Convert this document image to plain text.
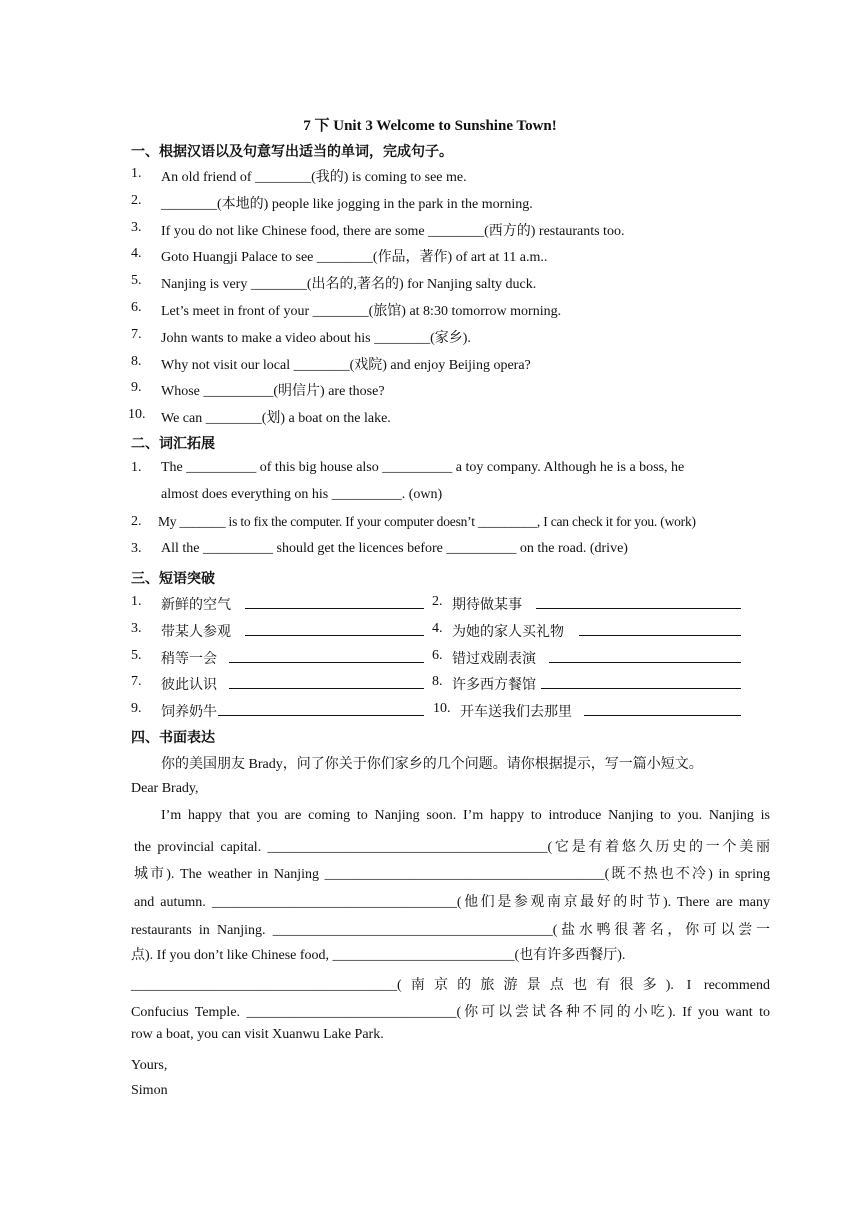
7 下 Unit 3 Welcome to Sunshine Town!
一、根据汉语以及句意写出适当的单词，完成句子。
1. An old friend of ________(我的) is coming to see me.
2. ________(本地的) people like jogging in the park in the morning.
3. If you do not like Chinese food, there are some ________(西方的) restaurants too.
4. Goto Huangji Palace to see ________(作品，著作) of art at 11 a.m..
5. Nanjing is very ________(出名的,著名的) for Nanjing salty duck.
6. Let’s meet in front of your ________(旅馆) at 8:30 tomorrow morning.
7. John wants to make a video about his ________(家乡).
8. Why not visit our local ________(戏院) and enjoy Beijing opera?
9. Whose __________(明信片) are those?
10. We can ________(划) a boat on the lake.
二、词汇拓展
1. The __________ of this big house also __________ a toy company. Although he is a boss, he
almost does everything on his __________. (own)
2. My _______ is to fix the computer. If your computer doesn’t _________, I can check it for you. (work)
3. All the __________ should get the licences before __________ on the road. (drive)
三、短语突破
1. 新鲜的空气	2. 期待做某事
3. 带某人参观	4. 为她的家人买礼物
5. 稍等一会	6. 错过戏剧表演
7. 彼此认识	8. 许多西方餐馆
9. 饲养奶牛	10. 开车送我们去那里
四、书面表达
你的美国朋友 Brady，问了你关于你们家乡的几个问题。请你根据提示，写一篇小短文。
Dear Brady,
I’m happy that you are coming to Nanjing soon. I’m happy to introduce Nanjing to you. Nanjing is
the provincial capital. ________________________________________(它是有着悠久历史的一个美丽
城市). The weather in Nanjing ________________________________________(既不热也不冷) in spring
and autumn. ___________________________________(他们是参观南京最好的时节). There are many
restaurants in Nanjing. ________________________________________(盐水鸭很著名，你可以尝一
点). If you don’t like Chinese food, __________________________(也有许多西餐厅).
______________________________________(南京的旅游景点也有很多). I recommend
Confucius Temple. ______________________________(你可以尝试各种不同的小吃). If you want to
row a boat, you can visit Xuanwu Lake Park.
Yours,
Simon
